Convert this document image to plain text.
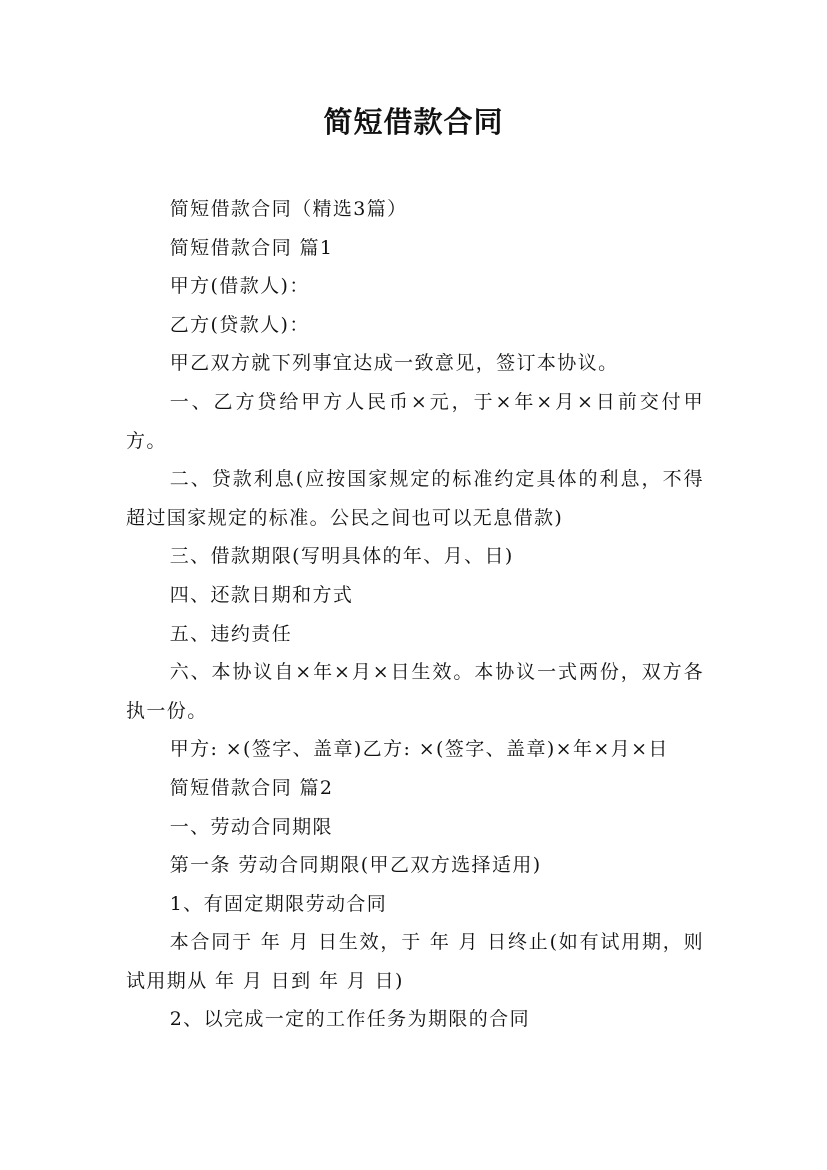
简短借款合同

简短借款合同（精选3篇）

简短借款合同 篇1

甲方(借款人)：

乙方(贷款人)：

甲乙双方就下列事宜达成一致意见，签订本协议。

一、乙方贷给甲方人民币×元，于×年×月×日前交付甲方。

二、贷款利息(应按国家规定的标准约定具体的利息，不得超过国家规定的标准。公民之间也可以无息借款)

三、借款期限(写明具体的年、月、日)

四、还款日期和方式

五、违约责任

六、本协议自×年×月×日生效。本协议一式两份，双方各执一份。

甲方: ×(签字、盖章)乙方: ×(签字、盖章)×年×月×日

简短借款合同 篇2

一、劳动合同期限

第一条 劳动合同期限(甲乙双方选择适用)

1、有固定期限劳动合同

本合同于 年 月 日生效，于 年 月 日终止(如有试用期，则试用期从 年 月 日到 年 月 日)

2、以完成一定的工作任务为期限的合同
